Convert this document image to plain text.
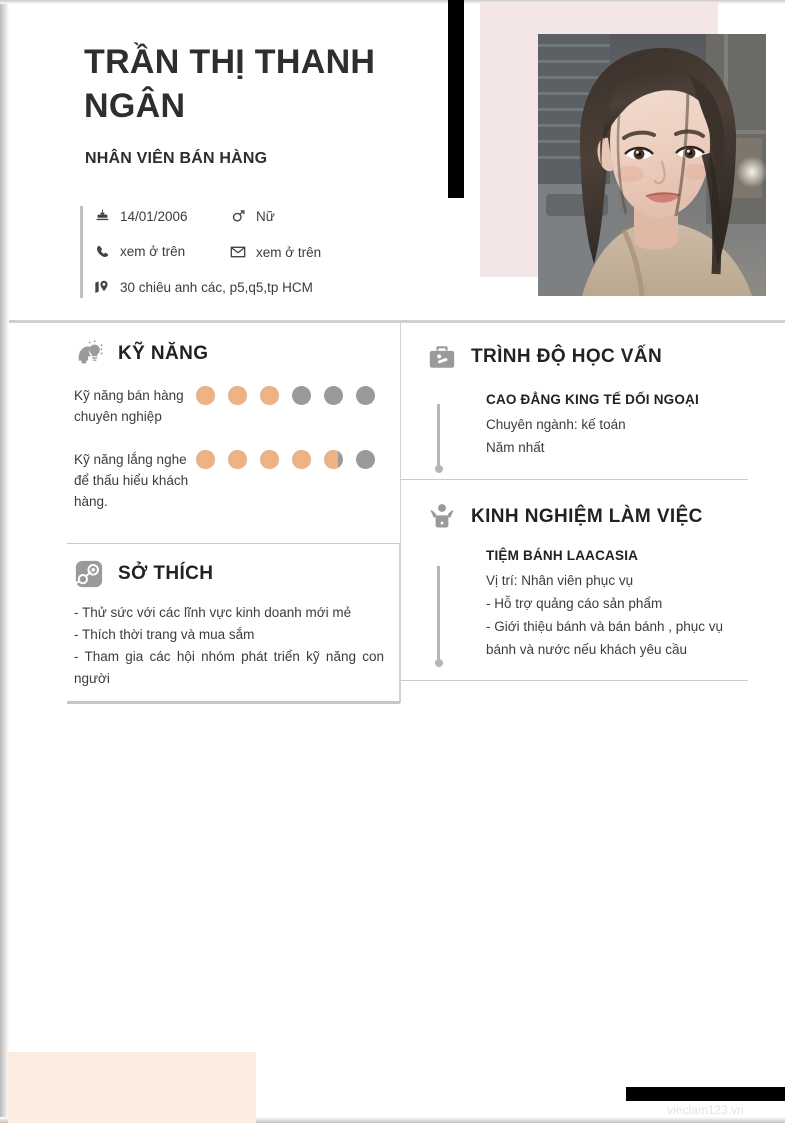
TRẦN THỊ THANH NGÂN
NHÂN VIÊN BÁN HÀNG
14/01/2006	Nữ
xem ở trên	xem ở trên
30 chiêu anh các, p5,q5,tp HCM
KỸ NĂNG
Kỹ năng bán hàng chuyên nghiệp
Kỹ năng lắng nghe để thấu hiểu khách hàng.
SỞ THÍCH
- Thử sức với các lĩnh vực kinh doanh mới mẻ
- Thích thời trang và mua sắm
- Tham gia các hội nhóm phát triển kỹ năng con người
TRÌNH ĐỘ HỌC VẤN
CAO ĐẲNG KING TẾ DỐI NGOẠI
Chuyên ngành: kế toán
Năm nhất
KINH NGHIỆM LÀM VIỆC
TIỆM BÁNH LAACASIA
Vị trí: Nhân viên phục vụ
- Hỗ trợ quảng cáo sản phẩm
- Giới thiệu bánh và bán bánh , phục vụ bánh và nước nếu khách yêu cầu
vieclam123.vn
